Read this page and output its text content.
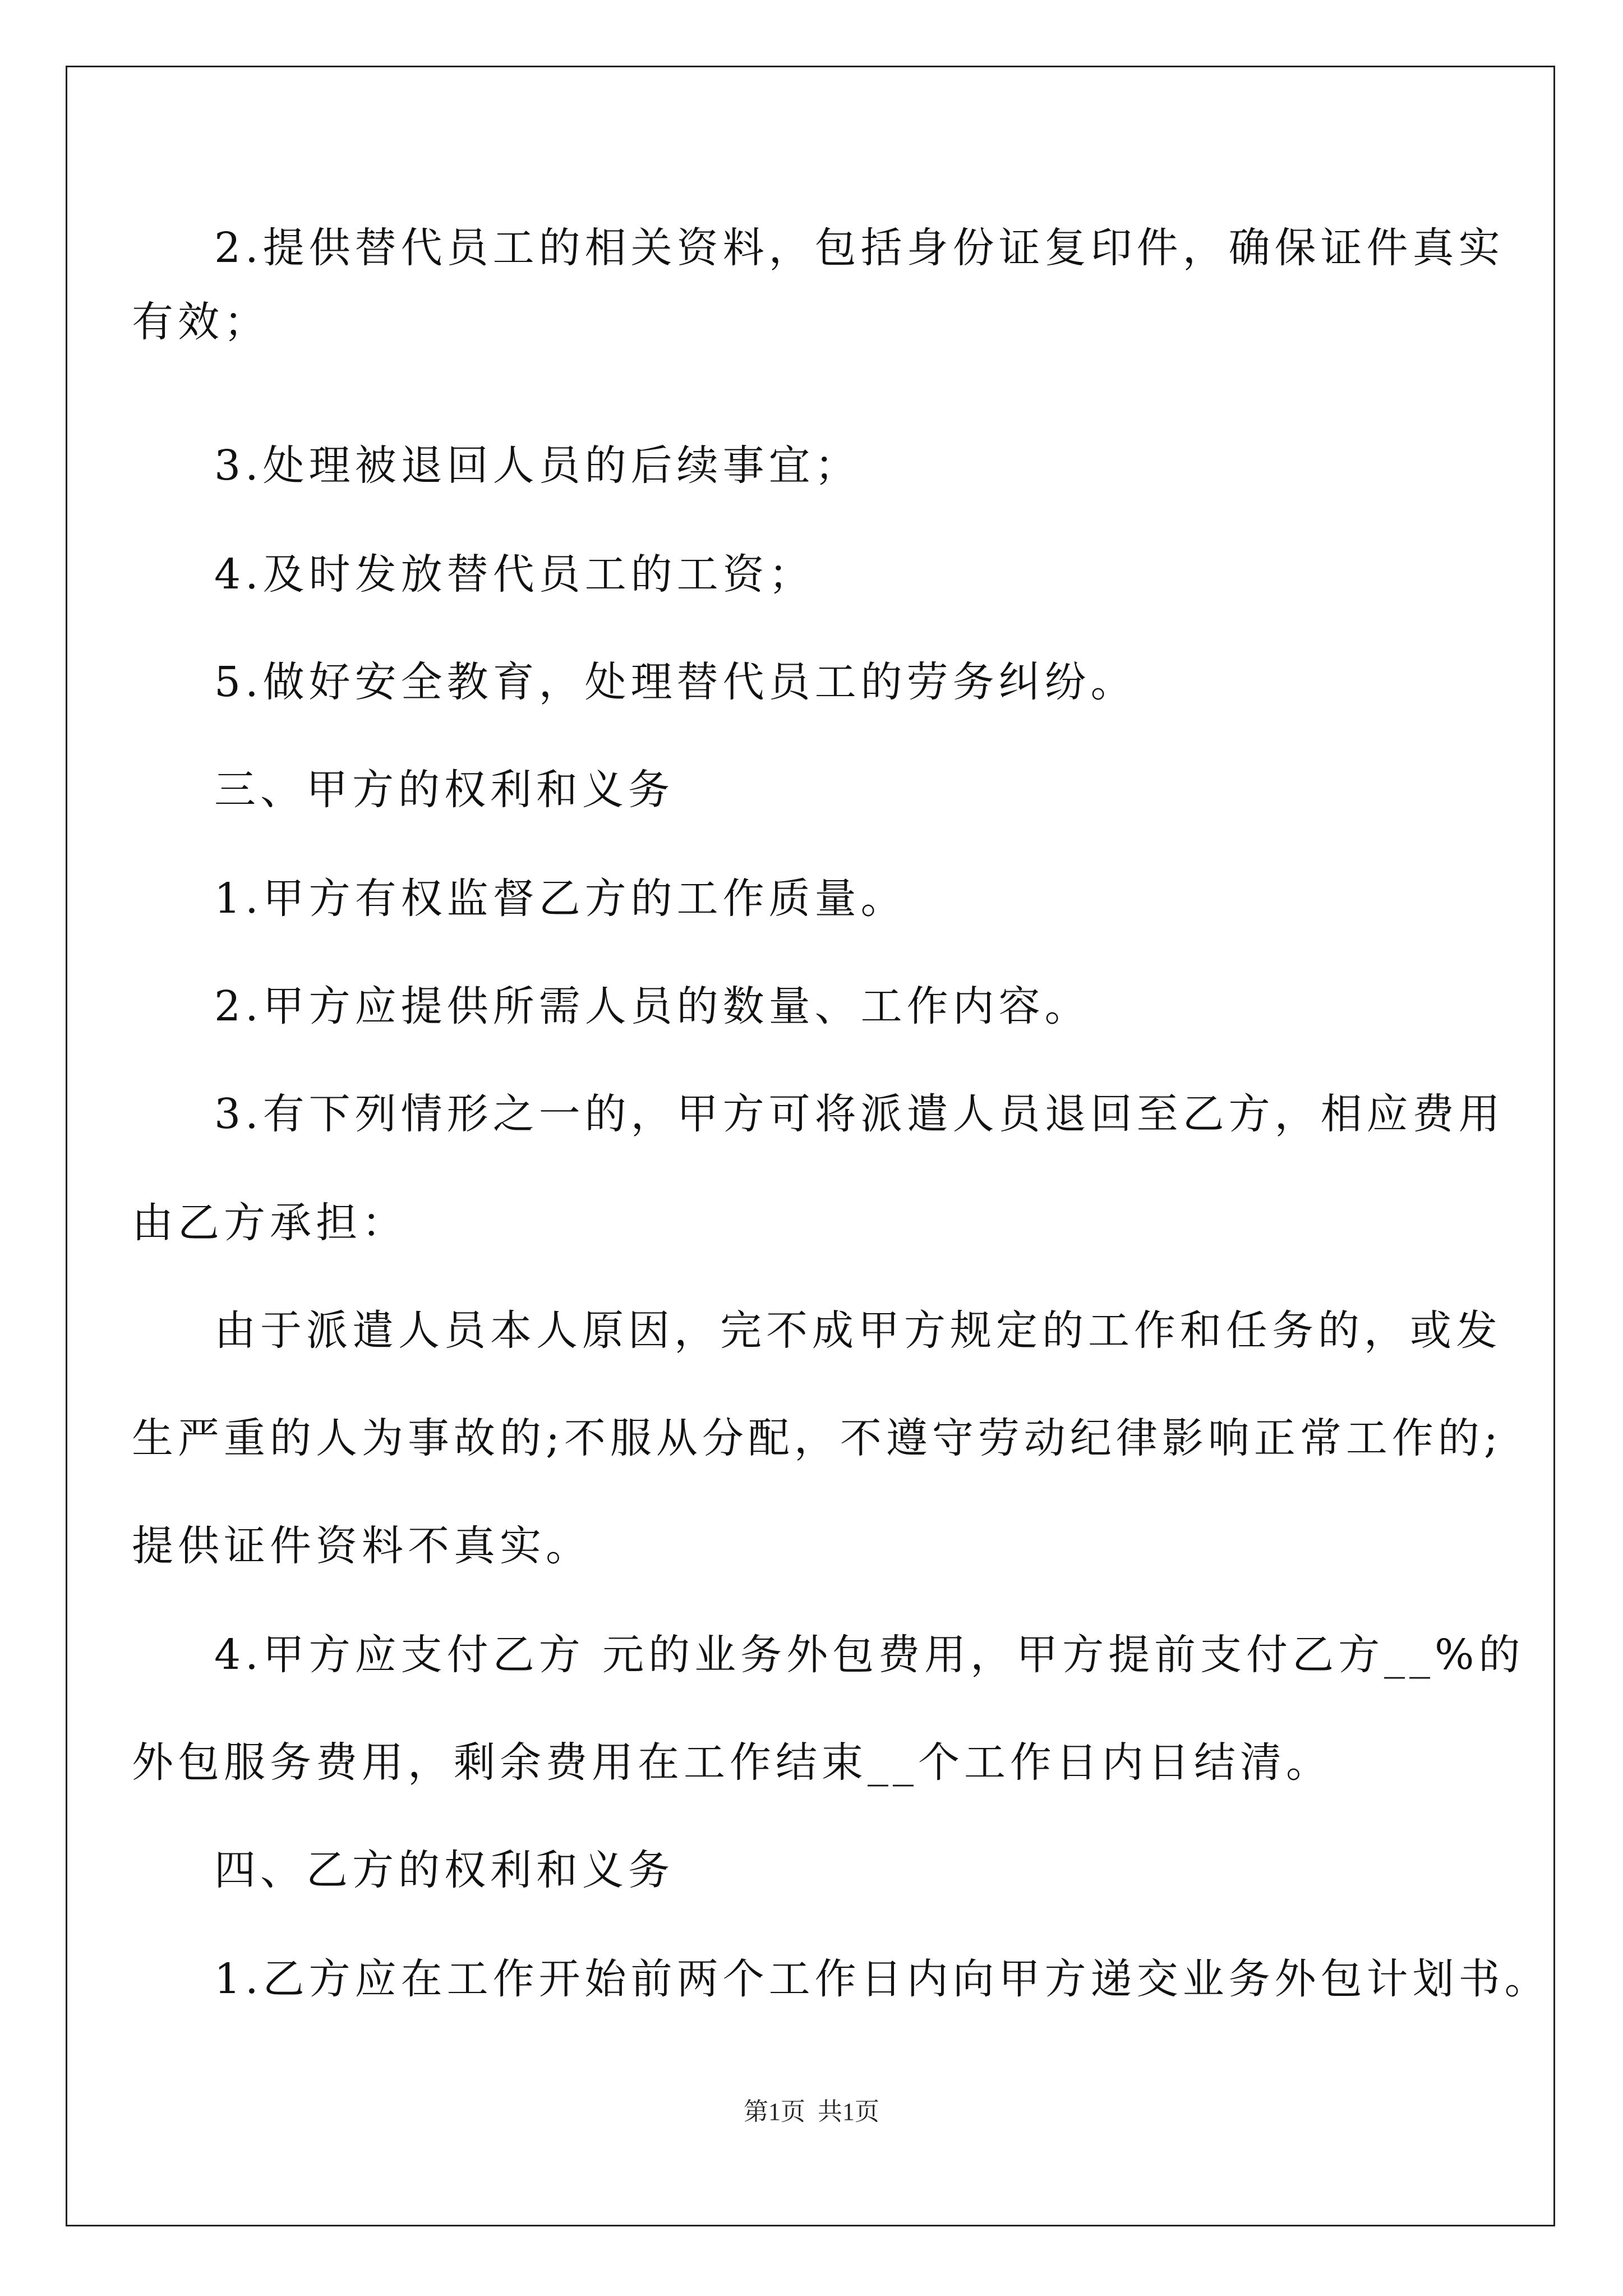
2.提供替代员工的相关资料，包括身份证复印件，确保证件真实
有效；
3.处理被退回人员的后续事宜；
4.及时发放替代员工的工资；
5.做好安全教育，处理替代员工的劳务纠纷。
三、甲方的权利和义务
1.甲方有权监督乙方的工作质量。
2.甲方应提供所需人员的数量、工作内容。
3.有下列情形之一的，甲方可将派遣人员退回至乙方，相应费用
由乙方承担：
由于派遣人员本人原因，完不成甲方规定的工作和任务的，或发
生严重的人为事故的;不服从分配，不遵守劳动纪律影响正常工作的;
提供证件资料不真实。
4.甲方应支付乙方 元的业务外包费用，甲方提前支付乙方__%的
外包服务费用，剩余费用在工作结束__个工作日内日结清。
四、乙方的权利和义务
1.乙方应在工作开始前两个工作日内向甲方递交业务外包计划书。
第1页  共1页
